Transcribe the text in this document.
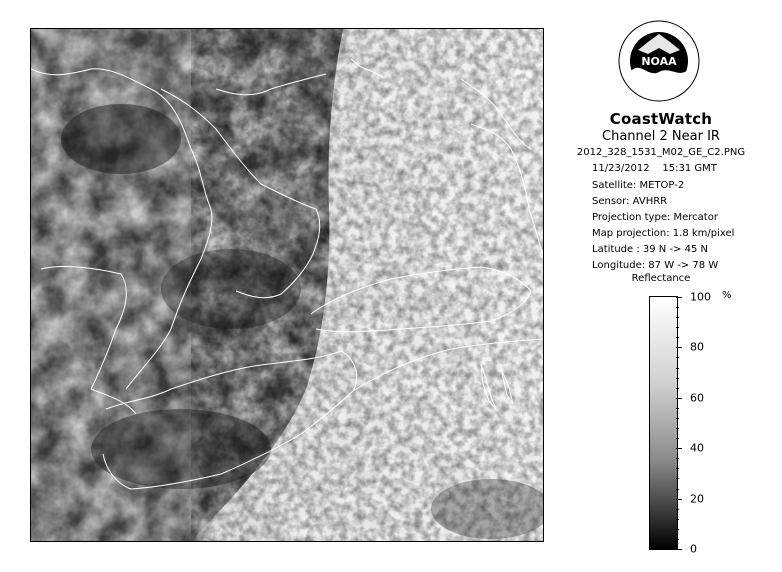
NOAA
CoastWatch
Channel 2 Near IR
2012_328_1531_M02_GE_C2.PNG
11/23/2012 15:31 GMT
Satellite: METOP-2
Sensor: AVHRR
Projection type: Mercator
Map projection: 1.8 km/pixel
Latitude : 39 N -> 45 N
Longitude: 87 W -> 78 W
Reflectance
%
100
80
60
40
20
0
